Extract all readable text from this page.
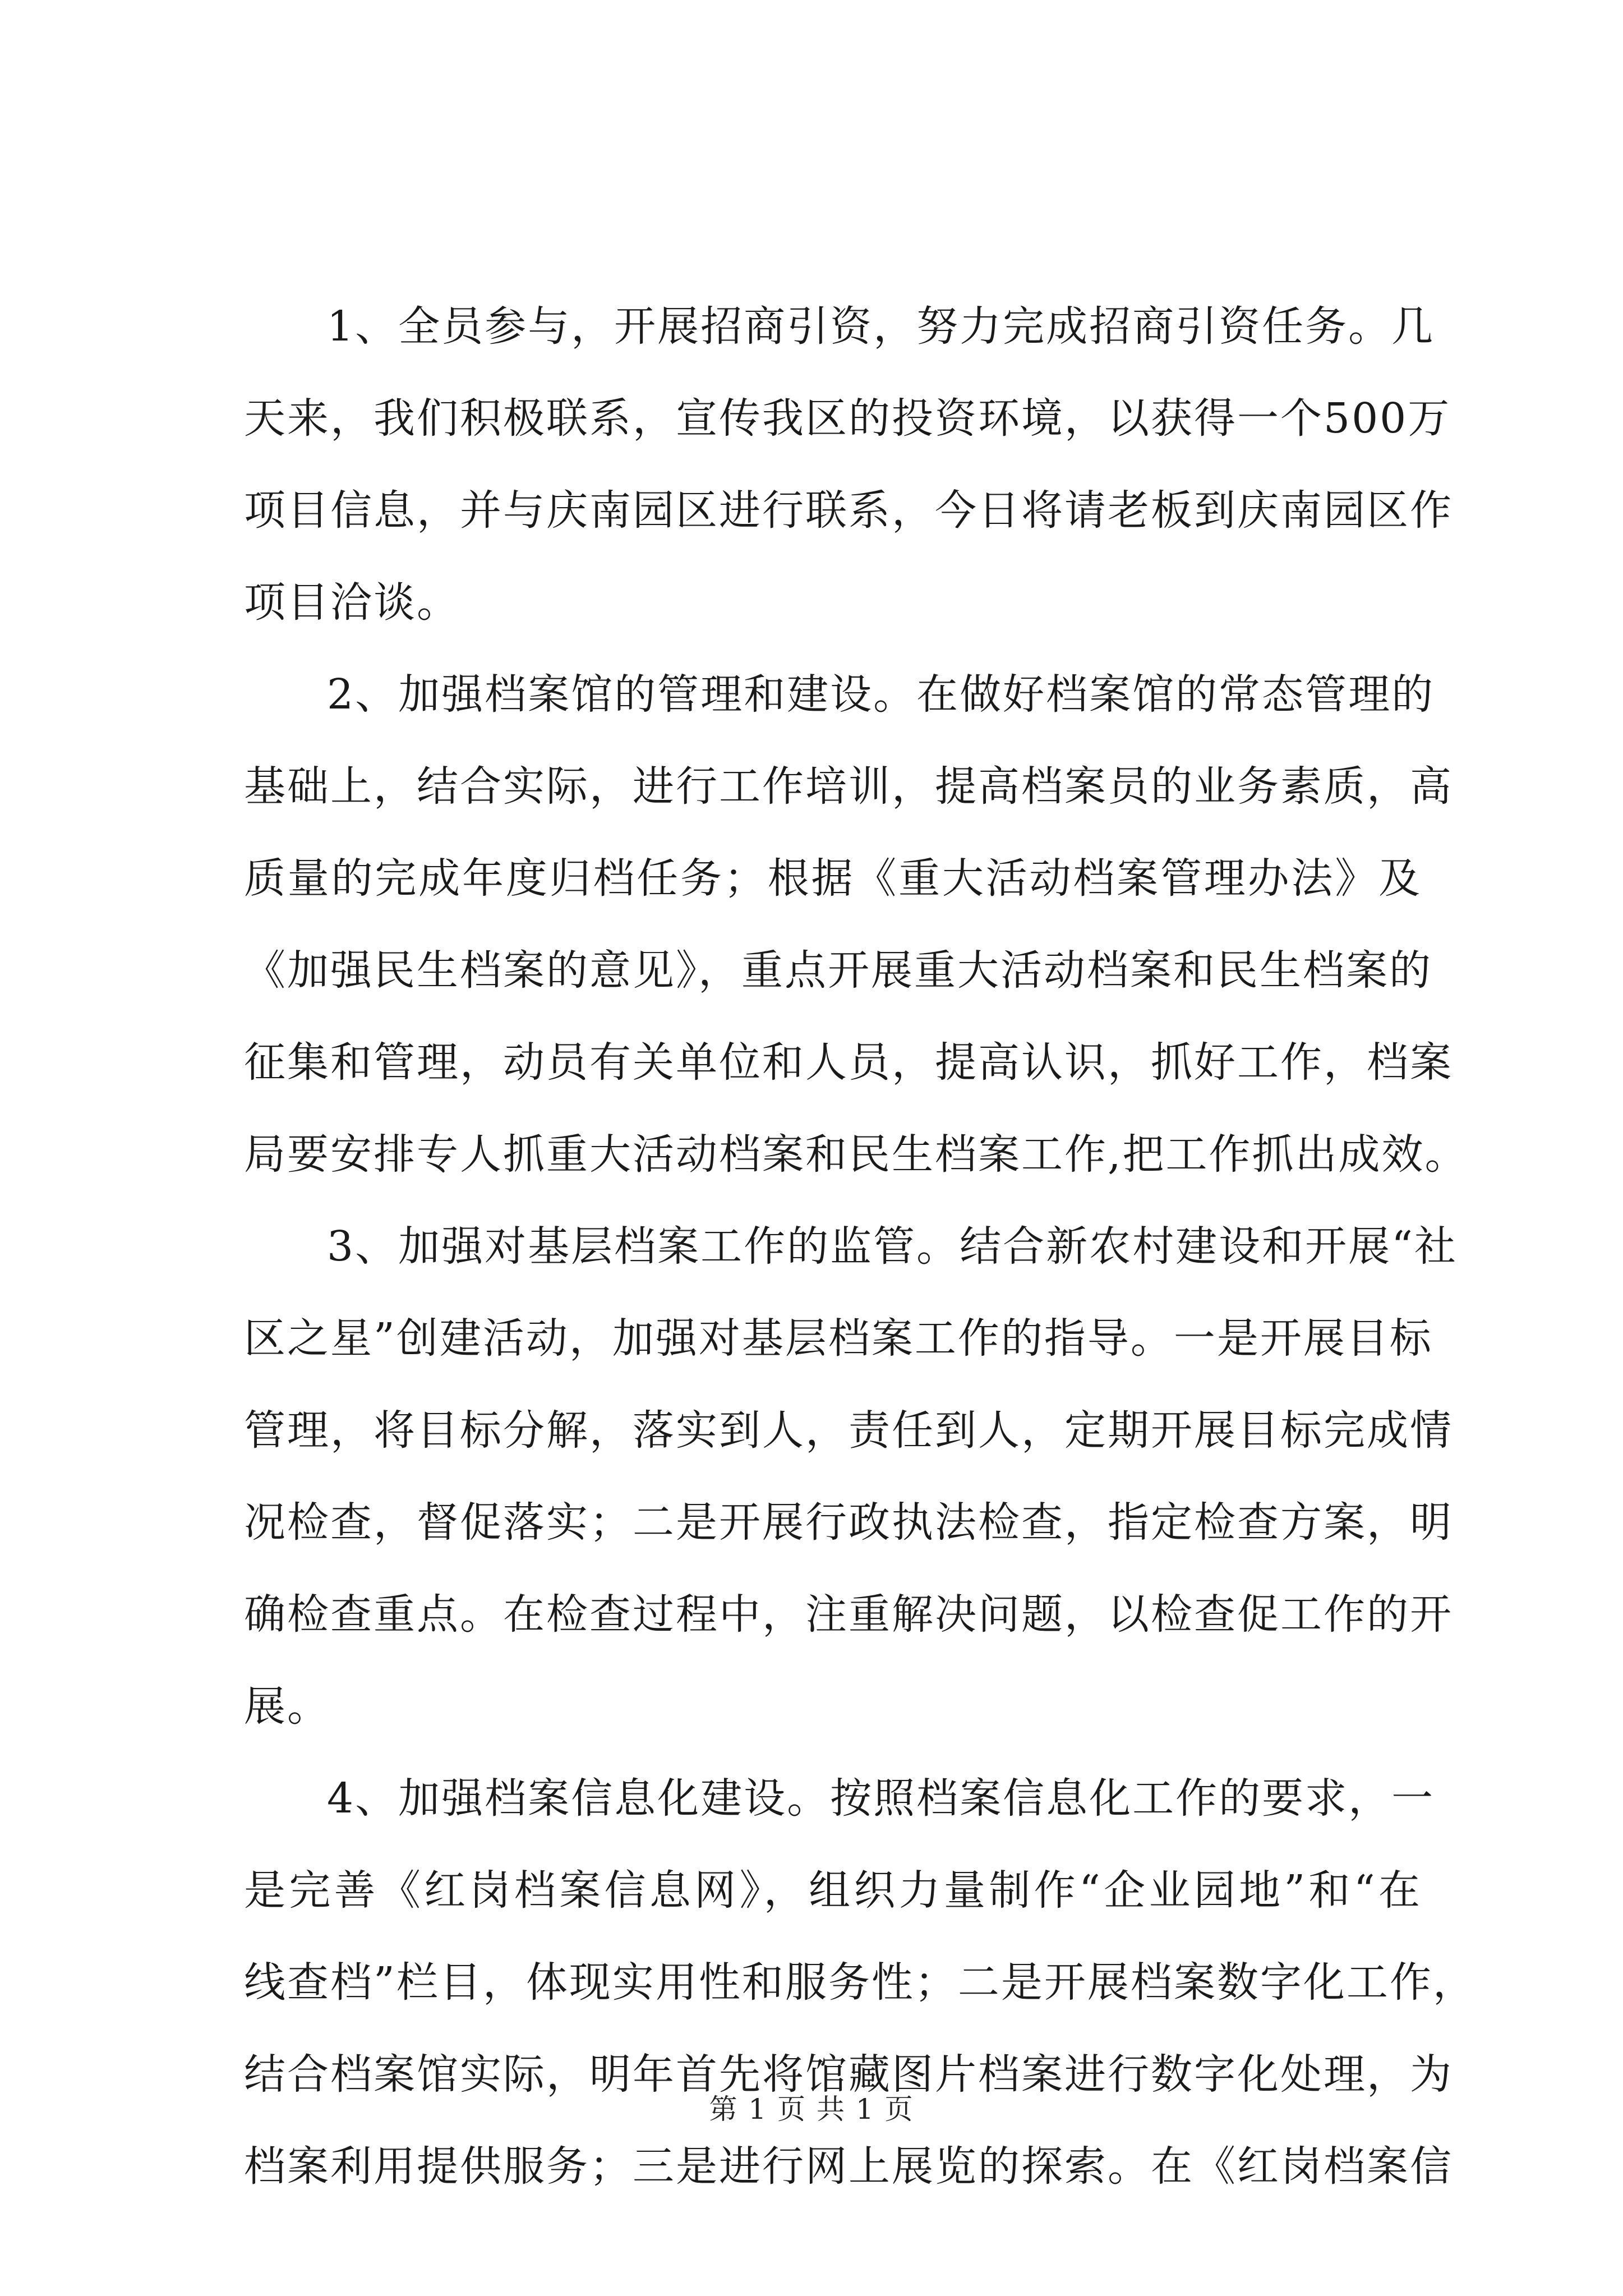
1、全员参与，开展招商引资，努力完成招商引资任务。几
天来，我们积极联系，宣传我区的投资环境，以获得一个500万
项目信息，并与庆南园区进行联系，今日将请老板到庆南园区作
项目洽谈。

2、加强档案馆的管理和建设。在做好档案馆的常态管理的
基础上，结合实际，进行工作培训，提高档案员的业务素质，高
质量的完成年度归档任务；根据《重大活动档案管理办法》及
《加强民生档案的意见》，重点开展重大活动档案和民生档案的
征集和管理，动员有关单位和人员，提高认识，抓好工作，档案
局要安排专人抓重大活动档案和民生档案工作,把工作抓出成效。

3、加强对基层档案工作的监管。结合新农村建设和开展“社
区之星”创建活动，加强对基层档案工作的指导。一是开展目标
管理，将目标分解，落实到人，责任到人，定期开展目标完成情
况检查，督促落实；二是开展行政执法检查，指定检查方案，明
确检查重点。在检查过程中，注重解决问题，以检查促工作的开
展。

4、加强档案信息化建设。按照档案信息化工作的要求，一
是完善《红岗档案信息网》，组织力量制作“企业园地”和“在
线查档”栏目，体现实用性和服务性；二是开展档案数字化工作，
结合档案馆实际，明年首先将馆藏图片档案进行数字化处理，为
档案利用提供服务；三是进行网上展览的探索。在《红岗档案信

第 1 页 共 1 页
